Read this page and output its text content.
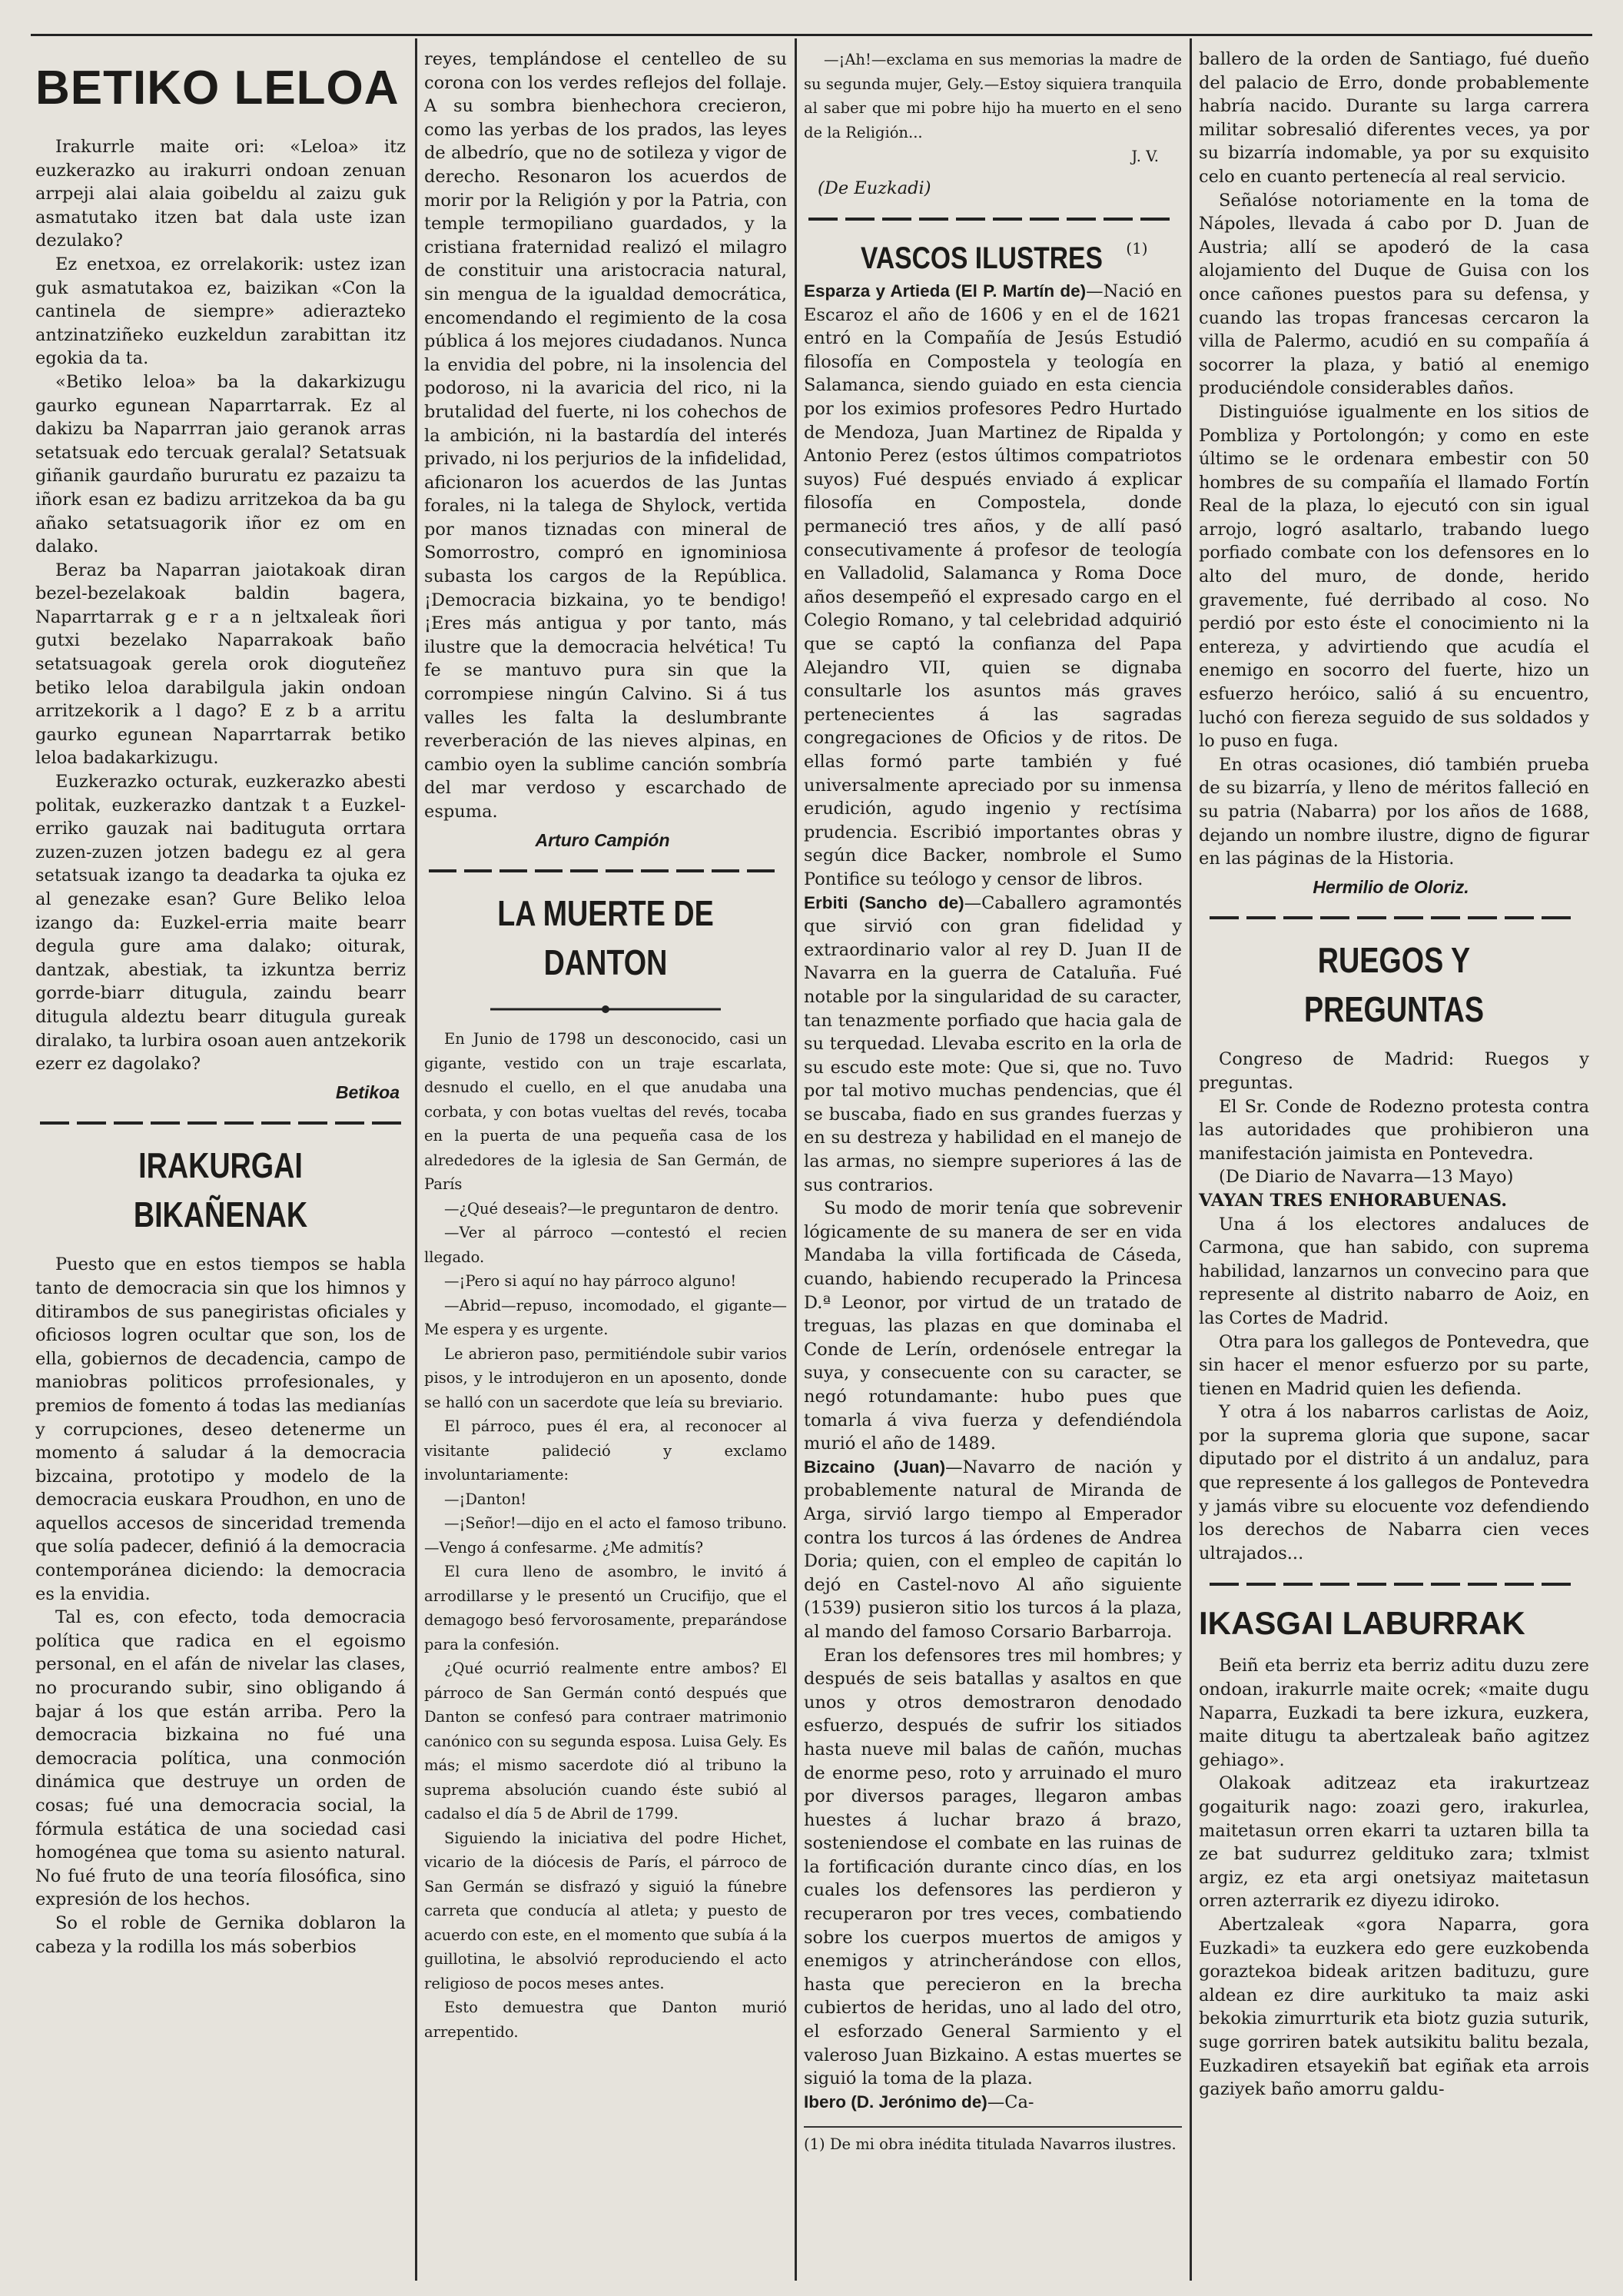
BETIKO LELOA

Irakurrle maite ori: «Leloa» itz euzkerazko au irakurri ondoan zenuan arrpeji alai alaia goibeldu al zaizu guk asmatutako itzen bat dala uste izan dezulako?

Ez enetxoa, ez orrelakorik: ustez izan guk asmatutakoa ez, baizikan «Con la cantinela de siempre» adierazteko antzinatziñeko euzkeldun zarabittan itz egokia da ta.

«Betiko leloa» ba la dakarkizugu gaurko egunean Naparrtarrak. Ez al dakizu ba Naparrran jaio geranok arras setatsuak edo tercuak geralal? Setatsuak giñanik gaurdaño bururatu ez pazaizu ta iñork esan ez badizu arritzekoa da ba gu añako setatsuagorik iñor ez om en dalako.

Beraz ba Naparran jaiotakoak diran bezel-bezelakoak baldin bagera, Naparrtarrak g e r a n jeltxaleak ñori gutxi bezelako Naparrakoak baño setatsuagoak gerela orok dioguteñez betiko leloa darabilgula jakin ondoan arritzekorik a l dago? E z b a arritu gaurko egunean Naparrtarrak betiko leloa badakarkizugu.

Euzkerazko octurak, euzkerazko abesti politak, euzkerazko dantzak t a Euzkel-erriko gauzak nai badituguta orrtara zuzen-zuzen jotzen badegu ez al gera setatsuak izango ta deadarka ta ojuka ez al genezake esan? Gure Beliko leloa izango da: Euzkel-erria maite bearr degula gure ama dalako; oiturak, dantzak, abestiak, ta izkuntza berriz gorrde-biarr ditugula, zaindu bearr ditugula aldeztu bearr ditugula gureak diralako, ta lurbira osoan auen antzekorik ezerr ez dagolako?

Betikoa
IRAKURGAI BIKAÑENAK

Puesto que en estos tiempos se habla tanto de democracia sin que los himnos y ditirambos de sus panegiristas oficiales y oficiosos logren ocultar que son, los de ella, gobiernos de decadencia, campo de maniobras politicos prrofesionales, y premios de fomento á todas las medianías y corrupciones, deseo detenerme un momento á saludar á la democracia bizcaina, prototipo y modelo de la democracia euskara Proudhon, en uno de aquellos accesos de sinceridad tremenda que solía padecer, definió á la democracia contemporánea diciendo: la democracia es la envidia.

Tal es, con efecto, toda democracia política que radica en el egoismo personal, en el afán de nivelar las clases, no procurando subir, sino obligando á bajar á los que están arriba. Pero la democracia bizkaina no fué una democracia política, una conmoción dinámica que destruye un orden de cosas; fué una democracia social, la fórmula estática de una sociedad casi homogénea que toma su asiento natural. No fué fruto de una teoría filosófica, sino expresión de los hechos.

So el roble de Gernika doblaron la cabeza y la rodilla los más soberbios

reyes, templándose el centelleo de su corona con los verdes reflejos del follaje. A su sombra bienhechora crecieron, como las yerbas de los prados, las leyes de albedrío, que no de sotileza y vigor de derecho. Resonaron los acuerdos de morir por la Religión y por la Patria, con temple termopiliano guardados, y la cristiana fraternidad realizó el milagro de constituir una aristocracia natural, sin mengua de la igualdad democrática, encomendando el regimiento de la cosa pública á los mejores ciudadanos. Nunca la envidia del pobre, ni la insolencia del podoroso, ni la avaricia del rico, ni la brutalidad del fuerte, ni los cohechos de la ambición, ni la bastardía del interés privado, ni los perjurios de la infidelidad, aficionaron los acuerdos de las Juntas forales, ni la talega de Shylock, vertida por manos tiznadas con mineral de Somorrostro, compró en ignominiosa subasta los cargos de la República. ¡Democracia bizkaina, yo te bendigo! ¡Eres más antigua y por tanto, más ilustre que la democracia helvética! Tu fe se mantuvo pura sin que la corrompiese ningún Calvino. Si á tus valles les falta la deslumbrante reverberación de las nieves alpinas, en cambio oyen la sublime canción sombría del mar verdoso y escarchado de espuma.

Arturo Campión
LA MUERTE DE DANTON

En Junio de 1798 un desconocido, casi un gigante, vestido con un traje escarlata, desnudo el cuello, en el que anudaba una corbata, y con botas vueltas del revés, tocaba en la puerta de una pequeña casa de los alrededores de la iglesia de San Germán, de París

—¿Qué deseais?—le preguntaron de dentro.

—Ver al párroco —contestó el recien llegado.

—¡Pero si aquí no hay párroco alguno!

—Abrid—repuso, incomodado, el gigante—Me espera y es urgente.

Le abrieron paso, permitiéndole subir varios pisos, y le introdujeron en un aposento, donde se halló con un sacerdote que leía su breviario.

El párroco, pues él era, al reconocer al visitante palideció y exclamo involuntariamente:

—¡Danton!

—¡Señor!—dijo en el acto el famoso tribuno.—Vengo á confesarme. ¿Me admitís?

El cura lleno de asombro, le invitó á arrodillarse y le presentó un Crucifijo, que el demagogo besó fervorosamente, preparándose para la confesión.

¿Qué ocurrió realmente entre ambos? El párroco de San Germán contó después que Danton se confesó para contraer matrimonio canónico con su segunda esposa. Luisa Gely. Es más; el mismo sacerdote dió al tribuno la suprema absolución cuando éste subió al cadalso el día 5 de Abril de 1799.

Siguiendo la iniciativa del podre Hichet, vicario de la diócesis de París, el párroco de San Germán se disfrazó y siguió la fúnebre carreta que conducía al atleta; y puesto de acuerdo con este, en el momento que subía á la guillotina, le absolvió reproduciendo el acto religioso de pocos meses antes.

Esto demuestra que Danton murió arrepentido.

—¡Ah!—exclama en sus memorias la madre de su segunda mujer, Gely.—Estoy siquiera tranquila al saber que mi pobre hijo ha muerto en el seno de la Religión...

J. V.
(De Euzkadi)
VASCOS ILUSTRES (1)

Esparza y Artieda (El P. Martín de)—Nació en Escaroz el año de 1606 y en el de 1621 entró en la Compañía de Jesús Estudió filosofía en Compostela y teología en Salamanca, siendo guiado en esta ciencia por los eximios profesores Pedro Hurtado de Mendoza, Juan Martinez de Ripalda y Antonio Perez (estos últimos compatriotos suyos) Fué después enviado á explicar filosofía en Compostela, donde permaneció tres años, y de allí pasó consecutivamente á profesor de teología en Valladolid, Salamanca y Roma Doce años desempeñó el expresado cargo en el Colegio Romano, y tal celebridad adquirió que se captó la confianza del Papa Alejandro VII, quien se dignaba consultarle los asuntos más graves pertenecientes á las sagradas congregaciones de Oficios y de ritos. De ellas formó parte también y fué universalmente apreciado por su inmensa erudición, agudo ingenio y rectísima prudencia. Escribió importantes obras y según dice Backer, nombrole el Sumo Pontifice su teólogo y censor de libros.

Erbiti (Sancho de)—Caballero agramontés que sirvió con gran fidelidad y extraordinario valor al rey D. Juan II de Navarra en la guerra de Cataluña. Fué notable por la singularidad de su caracter, tan tenazmente porfiado que hacia gala de su terquedad. Llevaba escrito en la orla de su escudo este mote: Que si, que no. Tuvo por tal motivo muchas pendencias, que él se buscaba, fiado en sus grandes fuerzas y en su destreza y habilidad en el manejo de las armas, no siempre superiores á las de sus contrarios.

Su modo de morir tenía que sobrevenir lógicamente de su manera de ser en vida Mandaba la villa fortificada de Cáseda, cuando, habiendo recuperado la Princesa D.ª Leonor, por virtud de un tratado de treguas, las plazas en que dominaba el Conde de Lerín, ordenósele entregar la suya, y consecuente con su caracter, se negó rotundamante: hubo pues que tomarla á viva fuerza y defendiéndola murió el año de 1489.

Bizcaino (Juan)—Navarro de nación y probablemente natural de Miranda de Arga, sirvió largo tiempo al Emperador contra los turcos á las órdenes de Andrea Doria; quien, con el empleo de capitán lo dejó en Castel-novo Al año siguiente (1539) pusieron sitio los turcos á la plaza, al mando del famoso Corsario Barbarroja.

Eran los defensores tres mil hombres; y después de seis batallas y asaltos en que unos y otros demostraron denodado esfuerzo, después de sufrir los sitiados hasta nueve mil balas de cañón, muchas de enorme peso, roto y arruinado el muro por diversos parages, llegaron ambas huestes á luchar brazo á brazo, sosteniendose el combate en las ruinas de la fortificación durante cinco días, en los cuales los defensores las perdieron y recuperaron por tres veces, combatiendo sobre los cuerpos muertos de amigos y enemigos y atrincherándose con ellos, hasta que perecieron en la brecha cubiertos de heridas, uno al lado del otro, el esforzado General Sarmiento y el valeroso Juan Bizkaino. A estas muertes se siguió la toma de la plaza.

Ibero (D. Jerónimo de)—Ca-

(1) De mi obra inédita titulada Navarros ilustres.

ballero de la orden de Santiago, fué dueño del palacio de Erro, donde probablemente habría nacido. Durante su larga carrera militar sobresalió diferentes veces, ya por su bizarría indomable, ya por su exquisito celo en cuanto pertenecía al real servicio.

Señalóse notoriamente en la toma de Nápoles, llevada á cabo por D. Juan de Austria; allí se apoderó de la casa alojamiento del Duque de Guisa con los once cañones puestos para su defensa, y cuando las tropas francesas cercaron la villa de Palermo, acudió en su compañía á socorrer la plaza, y batió al enemigo produciéndole considerables daños.

Distinguióse igualmente en los sitios de Pombliza y Portolongón; y como en este último se le ordenara embestir con 50 hombres de su compañía el llamado Fortín Real de la plaza, lo ejecutó con sin igual arrojo, logró asaltarlo, trabando luego porfiado combate con los defensores en lo alto del muro, de donde, herido gravemente, fué derribado al coso. No perdió por esto éste el conocimiento ni la entereza, y advirtiendo que acudía el enemigo en socorro del fuerte, hizo un esfuerzo heróico, salió á su encuentro, luchó con fiereza seguido de sus soldados y lo puso en fuga.

En otras ocasiones, dió también prueba de su bizarría, y lleno de méritos falleció en su patria (Nabarra) por los años de 1688, dejando un nombre ilustre, digno de figurar en las páginas de la Historia.

Hermilio de Oloriz.
RUEGOS Y PREGUNTAS

Congreso de Madrid: Ruegos y preguntas.

El Sr. Conde de Rodezno protesta contra las autoridades que prohibieron una manifestación jaimista en Pontevedra.

(De Diario de Navarra—13 Mayo)

VAYAN TRES ENHORABUENAS.

Una á los electores andaluces de Carmona, que han sabido, con suprema habilidad, lanzarnos un convecino para que represente al distrito nabarro de Aoiz, en las Cortes de Madrid.

Otra para los gallegos de Pontevedra, que sin hacer el menor esfuerzo por su parte, tienen en Madrid quien les defienda.

Y otra á los nabarros carlistas de Aoiz, por la suprema gloria que supone, sacar diputado por el distrito á un andaluz, para que represente á los gallegos de Pontevedra y jamás vibre su elocuente voz defendiendo los derechos de Nabarra cien veces ultrajados...

IKASGAI LABURRAK

Beiñ eta berriz eta berriz aditu duzu zere ondoan, irakurrle maite ocrek; «maite dugu Naparra, Euzkadi ta bere izkura, euzkera, maite ditugu ta abertzaleak baño agitzez gehiago».

Olakoak aditzeaz eta irakurtzeaz gogaiturik nago: zoazi gero, irakurlea, maitetasun orren ekarri ta uztaren billa ta ze bat sudurrez geldituko zara; txlmist argiz, ez eta argi onetsiyaz maitetasun orren azterrarik ez diyezu idiroko.

Abertzaleak «gora Naparra, gora Euzkadi» ta euzkera edo gere euzkobenda goraztekoa bideak aritzen badituzu, gure aldean ez dire aurkituko ta maiz aski bekokia zimurrturik eta biotz guzia suturik, suge gorriren batek autsikitu balitu bezala, Euzkadiren etsayekiñ bat egiñak eta arrois gaziyek baño amorru galdu-
